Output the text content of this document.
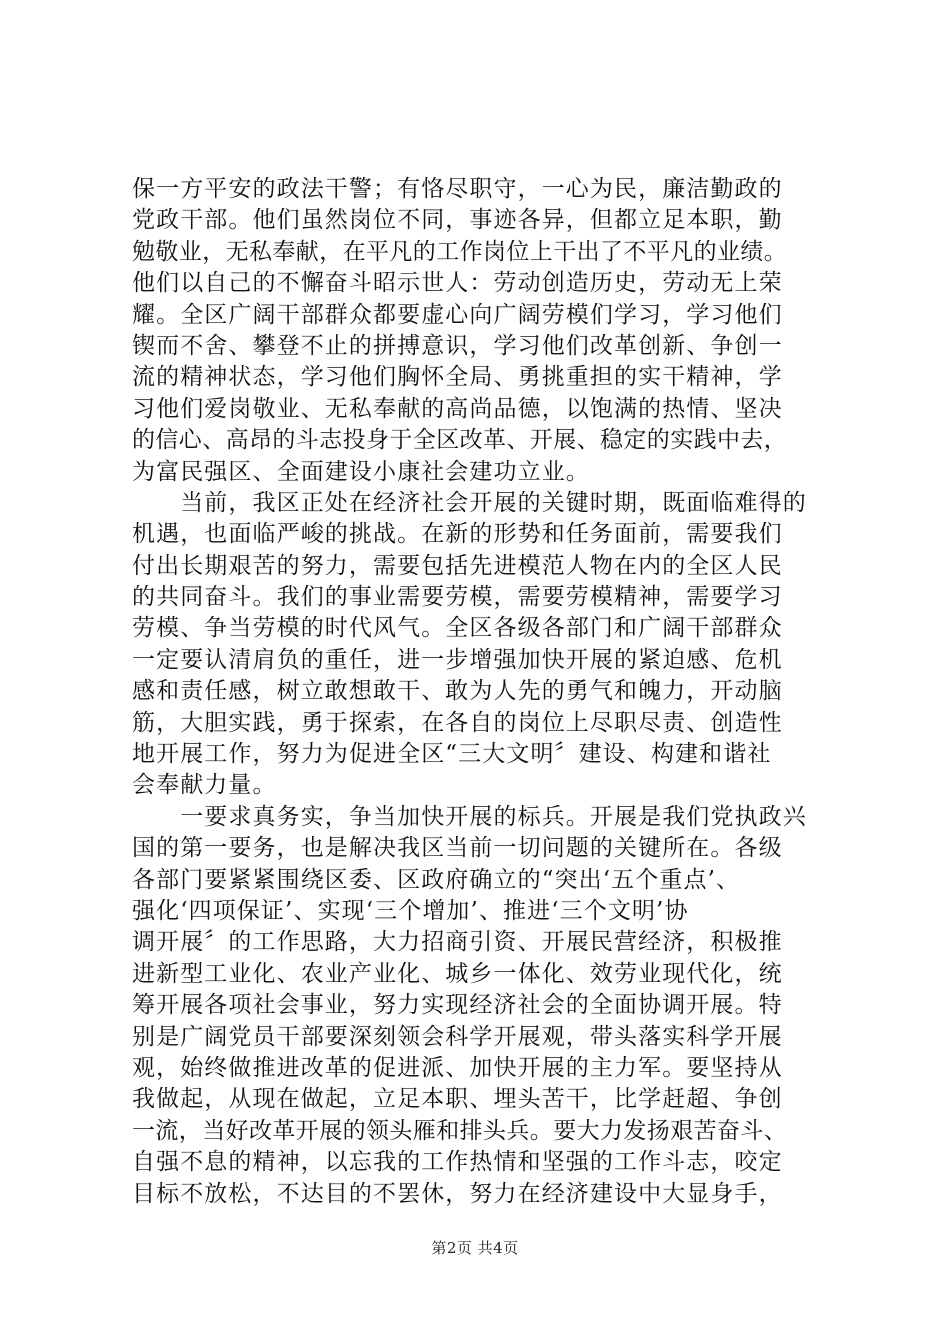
保一方平安的政法干警；有恪尽职守，一心为民，廉洁勤政的
党政干部。他们虽然岗位不同，事迹各异，但都立足本职，勤
勉敬业，无私奉献，在平凡的工作岗位上干出了不平凡的业绩。
他们以自己的不懈奋斗昭示世人：劳动创造历史，劳动无上荣
耀。全区广阔干部群众都要虚心向广阔劳模们学习，学习他们
锲而不舍、攀登不止的拼搏意识，学习他们改革创新、争创一
流的精神状态，学习他们胸怀全局、勇挑重担的实干精神，学
习他们爱岗敬业、无私奉献的高尚品德，以饱满的热情、坚决
的信心、高昂的斗志投身于全区改革、开展、稳定的实践中去，
为富民强区、全面建设小康社会建功立业。
　　当前，我区正处在经济社会开展的关键时期，既面临难得的
机遇，也面临严峻的挑战。在新的形势和任务面前，需要我们
付出长期艰苦的努力，需要包括先进模范人物在内的全区人民
的共同奋斗。我们的事业需要劳模，需要劳模精神，需要学习
劳模、争当劳模的时代风气。全区各级各部门和广阔干部群众
一定要认清肩负的重任，进一步增强加快开展的紧迫感、危机
感和责任感，树立敢想敢干、敢为人先的勇气和魄力，开动脑
筋，大胆实践，勇于探索，在各自的岗位上尽职尽责、创造性
地开展工作，努力为促进全区“三大文明〞建设、构建和谐社
会奉献力量。
　　一要求真务实，争当加快开展的标兵。开展是我们党执政兴
国的第一要务，也是解决我区当前一切问题的关键所在。各级
各部门要紧紧围绕区委、区政府确立的“突出‘五个重点’、
强化‘四项保证’、实现‘三个增加’、推进‘三个文明’协
调开展〞的工作思路，大力招商引资、开展民营经济，积极推
进新型工业化、农业产业化、城乡一体化、效劳业现代化，统
筹开展各项社会事业，努力实现经济社会的全面协调开展。特
别是广阔党员干部要深刻领会科学开展观，带头落实科学开展
观，始终做推进改革的促进派、加快开展的主力军。要坚持从
我做起，从现在做起，立足本职、埋头苦干，比学赶超、争创
一流，当好改革开展的领头雁和排头兵。要大力发扬艰苦奋斗、
自强不息的精神，以忘我的工作热情和坚强的工作斗志，咬定
目标不放松，不达目的不罢休，努力在经济建设中大显身手，
第2页 共4页
